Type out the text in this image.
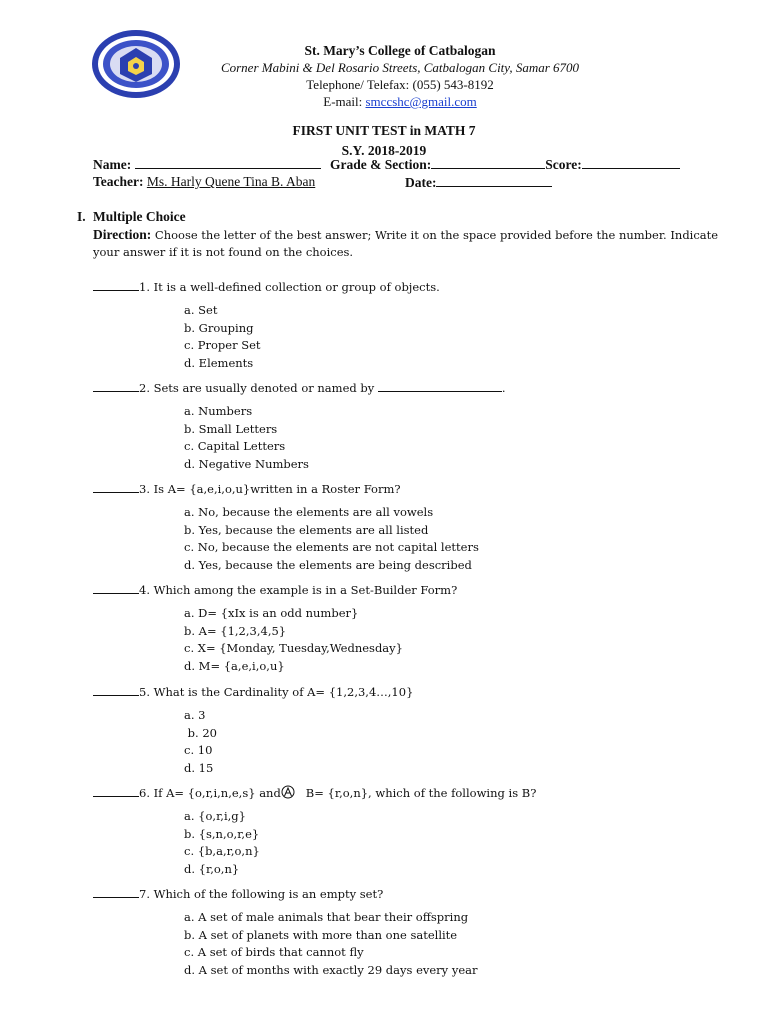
St. Mary’s College of Catbalogan
Corner Mabini & Del Rosario Streets, Catbalogan City, Samar 6700
Telephone/ Telefax: (055) 543-8192
E-mail: smccshc@gmail.com
FIRST UNIT TEST in MATH 7
S.Y. 2018-2019
Name:	Grade & Section:	Score:
Teacher: Ms. Harly Quene Tina B. Aban	Date:
I. Multiple Choice
Direction: Choose the letter of the best answer; Write it on the space provided before the number. Indicate your answer if it is not found on the choices.
1. It is a well-defined collection or group of objects.
a. Set
b. Grouping
c. Proper Set
d. Elements
2. Sets are usually denoted or named by	.
a. Numbers
b. Small Letters
c. Capital Letters
d. Negative Numbers
3. Is A= {a,e,i,o,u}written in a Roster Form?
a. No, because the elements are all vowels
b. Yes, because the elements are all listed
c. No, because the elements are not capital letters
d. Yes, because the elements are being described
4. Which among the example is in a Set-Builder Form?
a. D= {xIx is an odd number}
b. A= {1,2,3,4,5}
c. X= {Monday, Tuesday,Wednesday}
d. M= {a,e,i,o,u}
5. What is the Cardinality of A= {1,2,3,4…,10}
a. 3
b. 20
c. 10
d. 15
6. If A= {o,r,i,n,e,s} and   B= {r,o,n}, which of the following is B?
a. {o,r,i,g}
b. {s,n,o,r,e}
c. {b,a,r,o,n}
d. {r,o,n}
7. Which of the following is an empty set?
a. A set of male animals that bear their offspring
b. A set of planets with more than one satellite
c. A set of birds that cannot fly
d. A set of months with exactly 29 days every year
